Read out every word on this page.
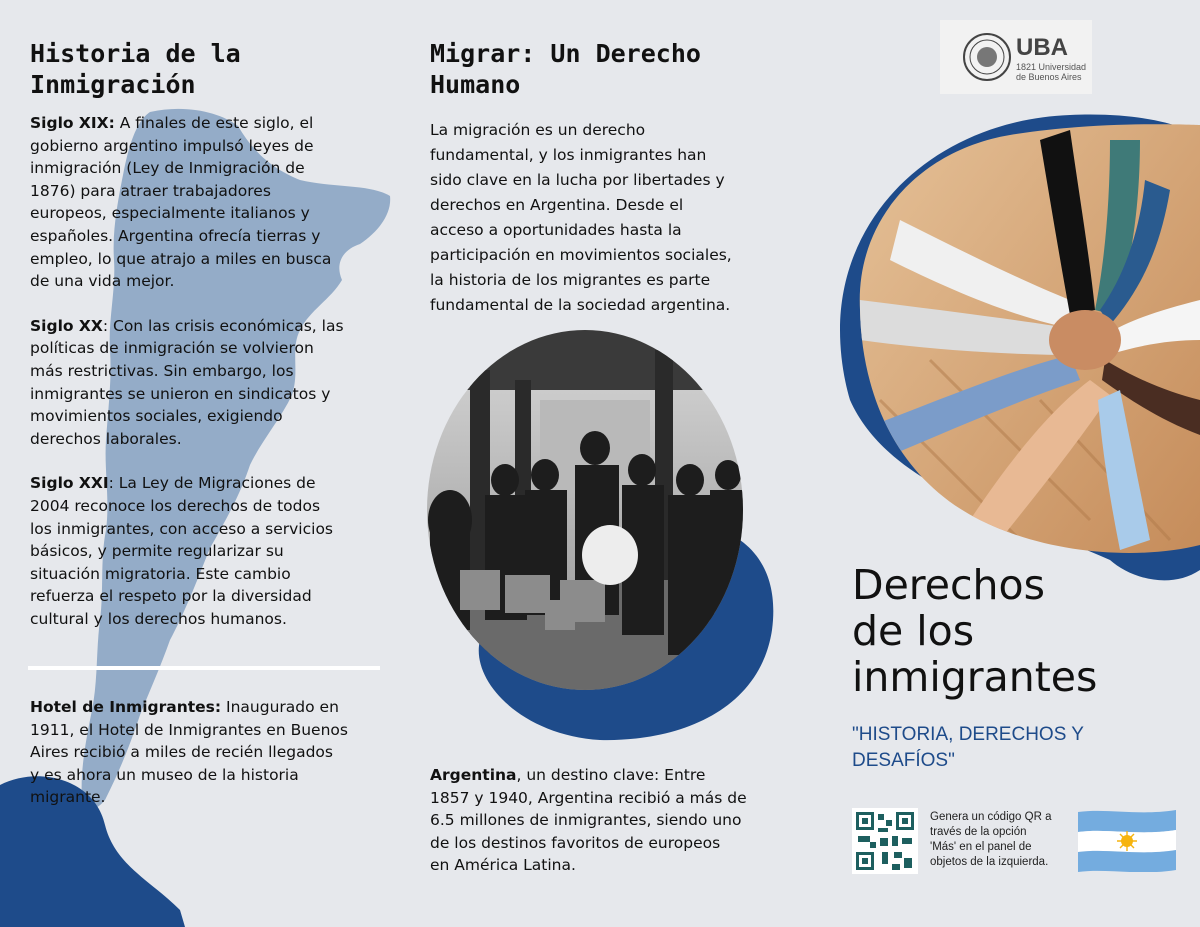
Historia de la
Inmigración

Siglo XIX: A finales de este siglo, el
gobierno argentino impulsó leyes de
inmigración (Ley de Inmigración de
1876) para atraer trabajadores
europeos, especialmente italianos y
españoles. Argentina ofrecía tierras y
empleo, lo que atrajo a miles en busca
de una vida mejor.

Siglo XX: Con las crisis económicas, las
políticas de inmigración se volvieron
más restrictivas. Sin embargo, los
inmigrantes se unieron en sindicatos y
movimientos sociales, exigiendo
derechos laborales.

Siglo XXI: La Ley de Migraciones de
2004 reconoce los derechos de todos
los inmigrantes, con acceso a servicios
básicos, y permite regularizar su
situación migratoria. Este cambio
refuerza el respeto por la diversidad
cultural y los derechos humanos.

Hotel de Inmigrantes: Inaugurado en
1911, el Hotel de Inmigrantes en Buenos
Aires recibió a miles de recién llegados
y es ahora un museo de la historia
migrante.

Migrar: Un Derecho
Humano

La migración es un derecho
fundamental, y los inmigrantes han
sido clave en la lucha por libertades y
derechos en Argentina. Desde el
acceso a oportunidades hasta la
participación en movimientos sociales,
la historia de los migrantes es parte
fundamental de la sociedad argentina.

Argentina, un destino clave: Entre
1857 y 1940, Argentina recibió a más de
6.5 millones de inmigrantes, siendo uno
de los destinos favoritos de europeos
en América Latina.

UBA
1821 Universidad
de Buenos Aires
Derechos
de los
inmigrantes
"HISTORIA, DERECHOS Y
DESAFÍOS"
Genera un código QR a
través de la opción
'Más' en el panel de
objetos de la izquierda.
